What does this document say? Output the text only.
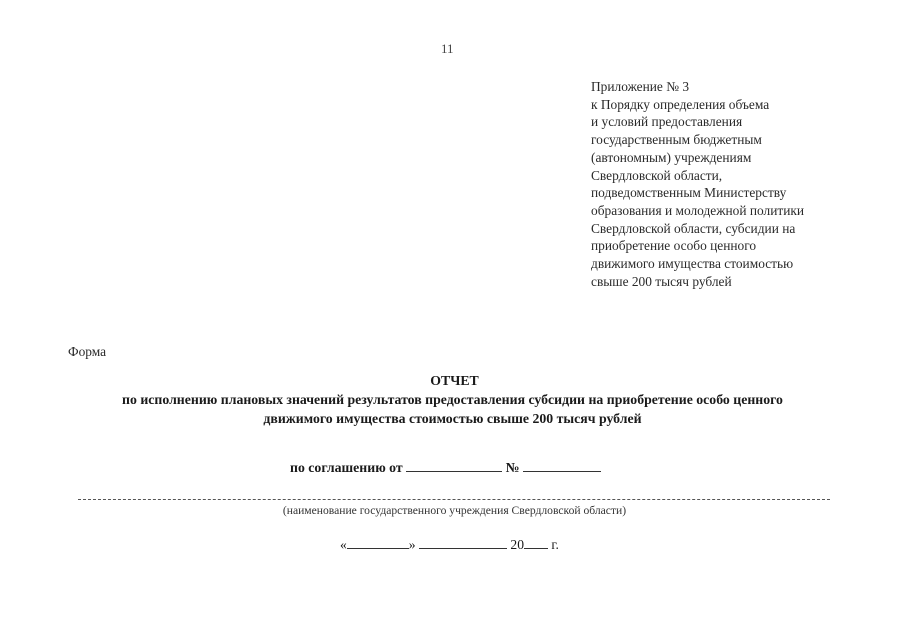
11
Приложение № 3
к Порядку определения объема
и условий предоставления
государственным бюджетным
(автономным) учреждениям
Свердловской области,
подведомственным Министерству
образования и молодежной политики
Свердловской области, субсидии на
приобретение особо ценного
движимого имущества стоимостью
свыше 200 тысяч рублей
Форма
ОТЧЕТ
по исполнению плановых значений результатов предоставления субсидии на приобретение особо ценного
движимого имущества стоимостью свыше 200 тысяч рублей
по соглашению от	№
(наименование государственного учреждения Свердловской области)
«	»	20 г.
